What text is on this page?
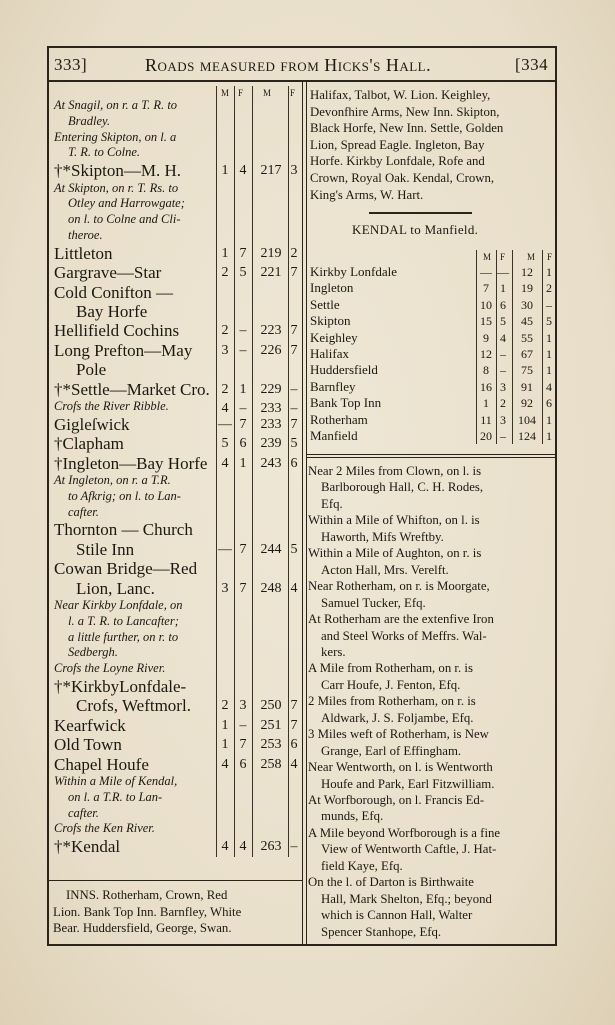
333]	Roads measured from Hicks's Hall.	[334
M F M F
At Snagil, on r. a T. R. to
Bradley.
Entering Skipton, on l. a
T. R. to Colne.
†*Skipton—M. H.	1 4	217 3
At Skipton, on r. T. Rs. to
Otley and Harrowgate;
on l. to Colne and Cli-
theroe.
Littleton	1 7	219 2
Gargrave—Star	2 5	221 7
Cold Conifton —
Bay Horfe
Hellifield Cochins	2 –	223 7
Long Prefton—May 3 –	226 7
Pole
†*Settle—Market Cro. 2 1	229 –
Crofs the River Ribble.	4 –	233 –
Gigleſwick	— 7	233 7
†Clapham	5 6	239 5
†Ingleton—Bay Horfe 4 1	243 6
At Ingleton, on r. a T.R.
to Afkrig; on l. to Lan-
cafter.
Thornton — Church
Stile Inn	— 7	244 5
Cowan Bridge—Red
Lion, Lanc.	3 7	248 4
Near Kirkby Lonfdale, on
l. a T. R. to Lancafter;
a little further, on r. to
Sedbergh.
Crofs the Loyne River.
†*KirkbyLonfdale-
Crofs, Weftmorl. 2 3	250 7
Kearfwick	1 –	251 7
Old Town	1 7	253 6
Chapel Houfe	4 6	258 4
Within a Mile of Kendal,
on l. a T.R. to Lan-
cafter.
Crofs the Ken River.
†*Kendal	4 4	263 –
INNS. Rotherham, Crown, Red
Lion. Bank Top Inn. Barnfley, White
Bear. Huddersfield, George, Swan.
Halifax, Talbot, W. Lion. Keighley,
Devonfhire Arms, New Inn. Skipton,
Black Horfe, New Inn. Settle, Golden
Lion, Spread Eagle. Ingleton, Bay
Horfe. Kirkby Lonfdale, Rofe and
Crown, Royal Oak. Kendal, Crown,
King's Arms, W. Hart.
KENDAL to Manfield.
M F M F
Kirkby Lonfdale	— —	12	1
Ingleton	7 1	19	2
Settle	10 6	30	–
Skipton	15 5	45	5
Keighley	9 4	55	1
Halifax	12 –	67	1
Huddersfield	8 –	75	1
Barnfley	16 3	91	4
Bank Top Inn	1 2	92	6
Rotherham	11 3	104 1
Manfield	20 –	124 1
Near 2 Miles from Clown, on l. is
Barlborough Hall, C. H. Rodes,
Efq.
Within a Mile of Whifton, on l. is
Haworth, Mifs Wreftby.
Within a Mile of Aughton, on r. is
Acton Hall, Mrs. Verelft.
Near Rotherham, on r. is Moorgate,
Samuel Tucker, Efq.
At Rotherham are the extenfive Iron
and Steel Works of Meffrs. Wal-
kers.
A Mile from Rotherham, on r. is
Carr Houfe, J. Fenton, Efq.
2 Miles from Rotherham, on r. is
Aldwark, J. S. Foljambe, Efq.
3 Miles weft of Rotherham, is New
Grange, Earl of Effingham.
Near Wentworth, on l. is Wentworth
Houfe and Park, Earl Fitzwilliam.
At Worfborough, on l. Francis Ed-
munds, Efq.
A Mile beyond Worfborough is a fine
View of Wentworth Caftle, J. Hat-
field Kaye, Efq.
On the l. of Darton is Birthwaite
Hall, Mark Shelton, Efq.; beyond
which is Cannon Hall, Walter
Spencer Stanhope, Efq.
